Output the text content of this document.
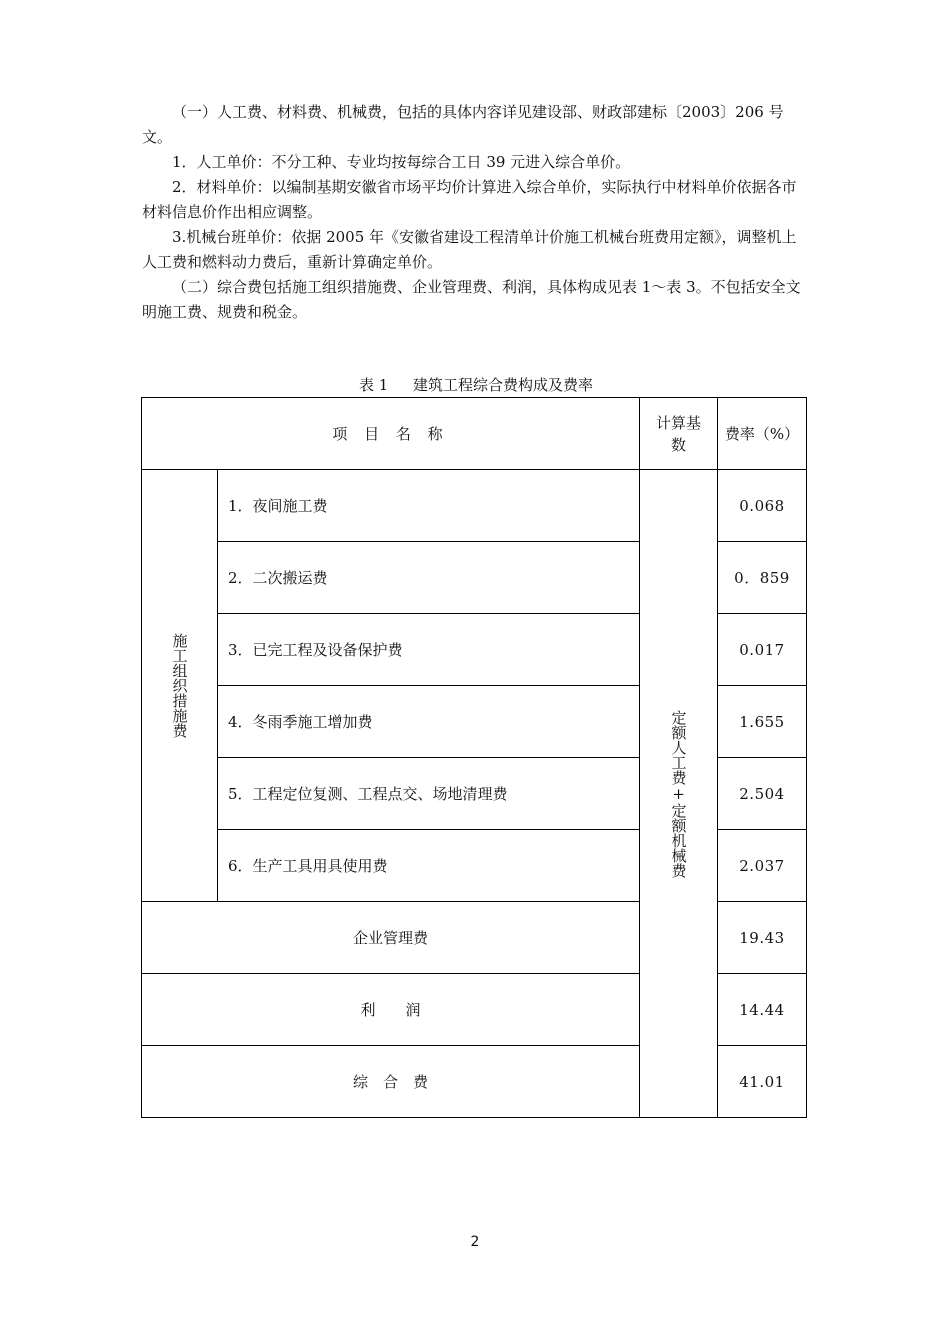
（一）人工费、材料费、机械费，包括的具体内容详见建设部、财政部建标〔2003〕206 号文。

1．人工单价：不分工种、专业均按每综合工日 39 元进入综合单价。

2．材料单价：以编制基期安徽省市场平均价计算进入综合单价，实际执行中材料单价依据各市材料信息价作出相应调整。

3.机械台班单价：依据 2005 年《安徽省建设工程清单计价施工机械台班费用定额》，调整机上人工费和燃料动力费后，重新计算确定单价。

（二）综合费包括施工组织措施费、企业管理费、利润，具体构成见表 1～表 3。不包括安全文明施工费、规费和税金。

表 1 建筑工程综合费构成及费率
项 目 名 称		计算基数	费率（%）

施工组织措施费	1．夜间施工费	定额人工费+定额机械费	0.068
	2．二次搬运费		0．859
	3．已完工程及设备保护费		0.017
	4．冬雨季施工增加费		1.655
	5．工程定位复测、工程点交、场地清理费		2.504
	6．生产工具用具使用费		2.037
企业管理费			19.43
利　　润			14.44
综　合　费			41.01
2
